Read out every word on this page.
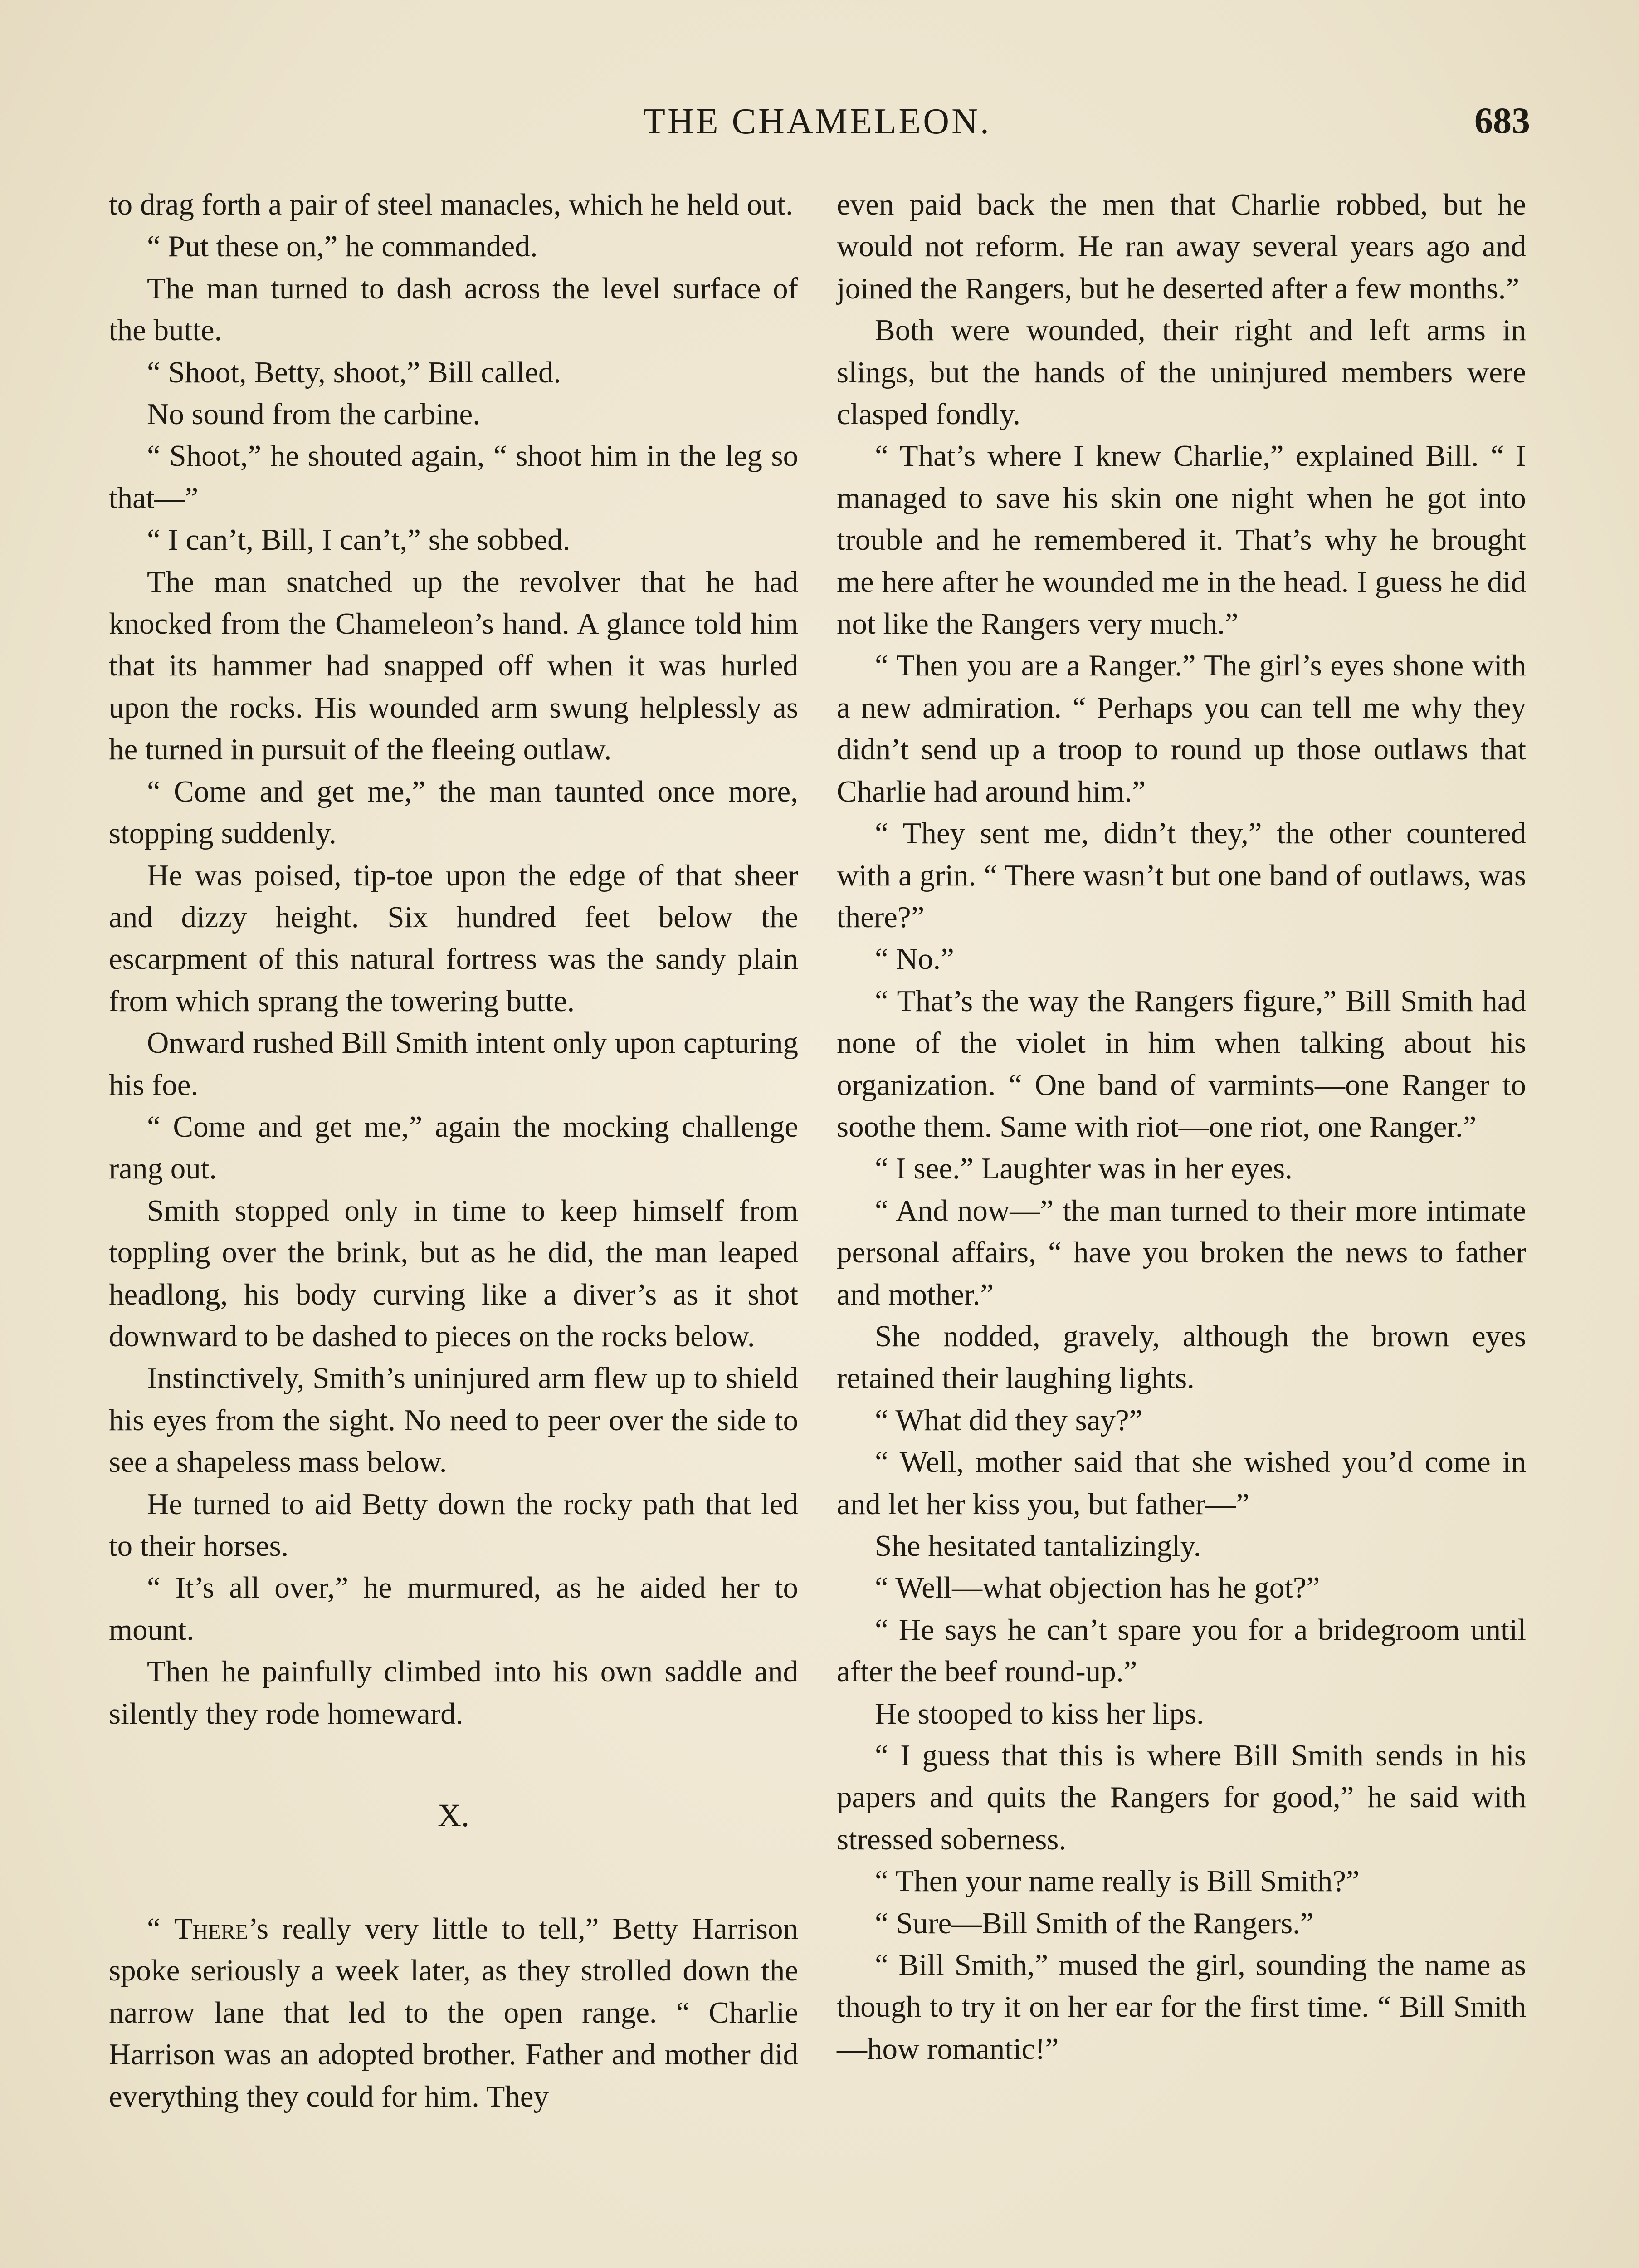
THE CHAMELEON.	683

to drag forth a pair of steel manacles, which he held out.

“ Put these on,” he commanded.

The man turned to dash across the level surface of the butte.

“ Shoot, Betty, shoot,” Bill called.

No sound from the carbine.

“ Shoot,” he shouted again, “ shoot him in the leg so that—”

“ I can’t, Bill, I can’t,” she sobbed.

The man snatched up the revolver that he had knocked from the Chameleon’s hand. A glance told him that its hammer had snapped off when it was hurled upon the rocks. His wounded arm swung helplessly as he turned in pursuit of the fleeing outlaw.

“ Come and get me,” the man taunted once more, stopping suddenly.

He was poised, tip-toe upon the edge of that sheer and dizzy height. Six hundred feet below the escarpment of this natural fortress was the sandy plain from which sprang the towering butte.

Onward rushed Bill Smith intent only upon capturing his foe.

“ Come and get me,” again the mocking challenge rang out.

Smith stopped only in time to keep himself from toppling over the brink, but as he did, the man leaped headlong, his body curving like a diver’s as it shot downward to be dashed to pieces on the rocks below.

Instinctively, Smith’s uninjured arm flew up to shield his eyes from the sight. No need to peer over the side to see a shapeless mass below.

He turned to aid Betty down the rocky path that led to their horses.

“ It’s all over,” he murmured, as he aided her to mount.

Then he painfully climbed into his own saddle and silently they rode homeward.

X.

“ There’s really very little to tell,” Betty Harrison spoke seriously a week later, as they strolled down the narrow lane that led to the open range. “ Charlie Harrison was an adopted brother. Father and mother did everything they could for him. They

even paid back the men that Charlie robbed, but he would not reform. He ran away several years ago and joined the Rangers, but he deserted after a few months.”

Both were wounded, their right and left arms in slings, but the hands of the uninjured members were clasped fondly.

“ That’s where I knew Charlie,” explained Bill. “ I managed to save his skin one night when he got into trouble and he remembered it. That’s why he brought me here after he wounded me in the head. I guess he did not like the Rangers very much.”

“ Then you are a Ranger.” The girl’s eyes shone with a new admiration. “ Perhaps you can tell me why they didn’t send up a troop to round up those outlaws that Charlie had around him.”

“ They sent me, didn’t they,” the other countered with a grin. “ There wasn’t but one band of outlaws, was there?”

“ No.”

“ That’s the way the Rangers figure,” Bill Smith had none of the violet in him when talking about his organization. “ One band of varmints—one Ranger to soothe them. Same with riot—one riot, one Ranger.”

“ I see.” Laughter was in her eyes.

“ And now—” the man turned to their more intimate personal affairs, “ have you broken the news to father and mother.”

She nodded, gravely, although the brown eyes retained their laughing lights.

“ What did they say?”

“ Well, mother said that she wished you’d come in and let her kiss you, but father—”

She hesitated tantalizingly.

“ Well—what objection has he got?”

“ He says he can’t spare you for a bridegroom until after the beef round-up.”

He stooped to kiss her lips.

“ I guess that this is where Bill Smith sends in his papers and quits the Rangers for good,” he said with stressed soberness.

“ Then your name really is Bill Smith?”

“ Sure—Bill Smith of the Rangers.”

“ Bill Smith,” mused the girl, sounding the name as though to try it on her ear for the first time. “ Bill Smith—how romantic!”
